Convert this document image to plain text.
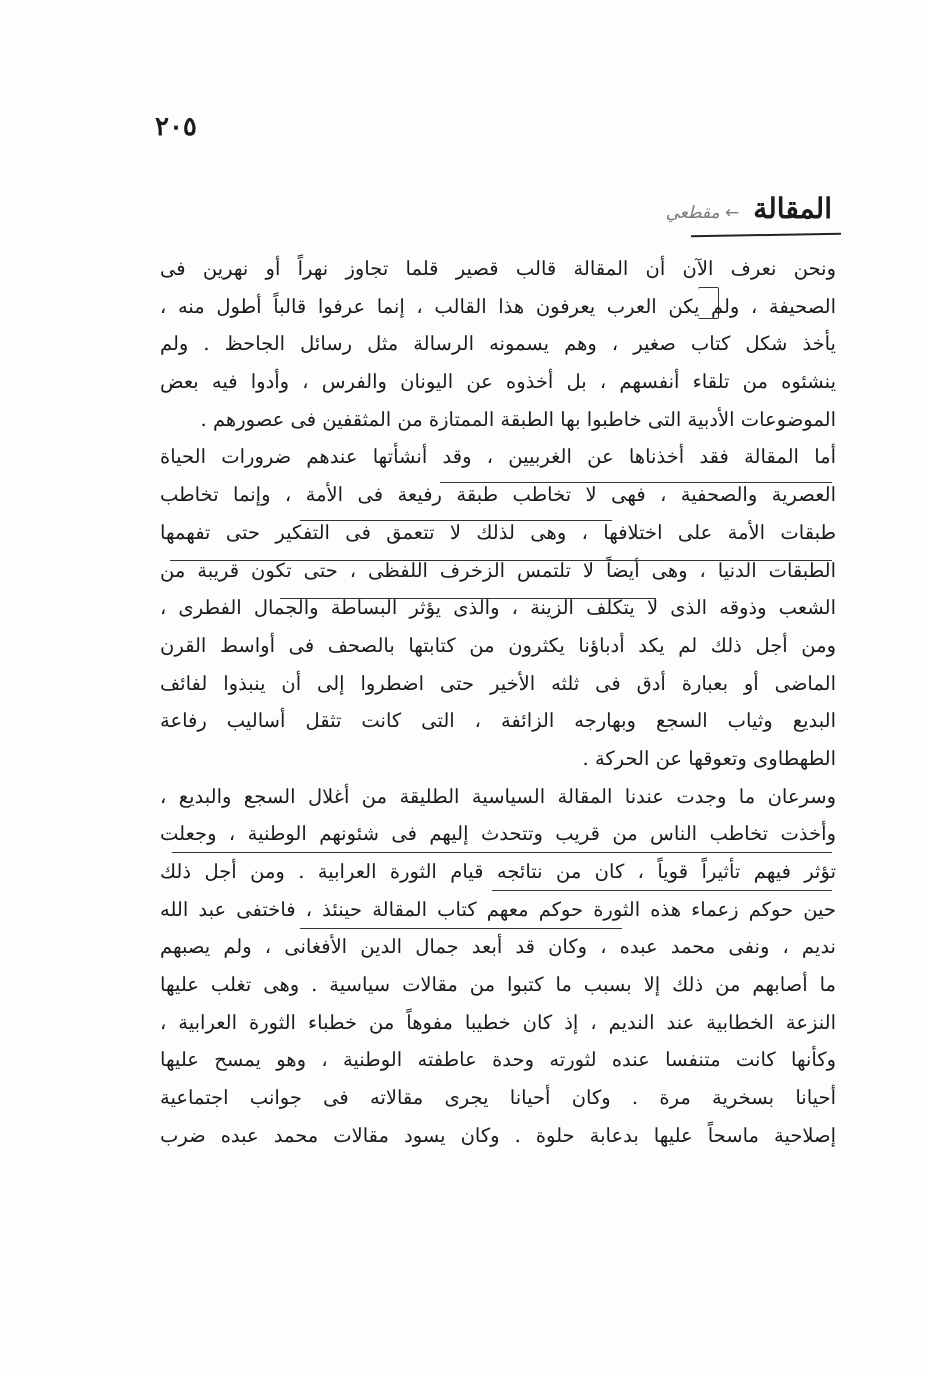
٢٠٥
المقالة
← مقطعي
ونحن نعرف الآن أن المقالة قالب قصير قلما تجاوز نهراً أو نهرين فى
الصحيفة ، ولم يكن العرب يعرفون هذا القالب ، إنما عرفوا قالباً أطول منه ،
يأخذ شكل كتاب صغير ، وهم يسمونه الرسالة مثل رسائل الجاحظ . ولم
ينشئوه من تلقاء أنفسهم ، بل أخذوه عن اليونان والفرس ، وأدوا فيه بعض
الموضوعات الأدبية التى خاطبوا بها الطبقة الممتازة من المثقفين فى عصورهم .
أما المقالة فقد أخذناها عن الغربيين ، وقد أنشأتها عندهم ضرورات الحياة
العصرية والصحفية ، فهى لا تخاطب طبقة رفيعة فى الأمة ، وإنما تخاطب
طبقات الأمة على اختلافها ، وهى لذلك لا تتعمق فى التفكير حتى تفهمها
الطبقات الدنيا ، وهى أيضاً لا تلتمس الزخرف اللفظى ، حتى تكون قريبة من
الشعب وذوقه الذى لا يتكلف الزينة ، والذى يؤثر البساطة والجمال الفطرى ،
ومن أجل ذلك لم يكد أدباؤنا يكثرون من كتابتها بالصحف فى أواسط القرن
الماضى أو بعبارة أدق فى ثلثه الأخير حتى اضطروا إلى أن ينبذوا لفائف
البديع وثياب السجع وبهارجه الزائفة ، التى كانت تثقل أساليب رفاعة
الطهطاوى وتعوقها عن الحركة .
وسرعان ما وجدت عندنا المقالة السياسية الطليقة من أغلال السجع والبديع ،
وأخذت تخاطب الناس من قريب وتتحدث إليهم فى شئونهم الوطنية ، وجعلت
تؤثر فيهم تأثيراً قوياً ، كان من نتائجه قيام الثورة العرابية . ومن أجل ذلك
حين حوكم زعماء هذه الثورة حوكم معهم كتاب المقالة حينئذ ، فاختفى عبد الله
نديم ، ونفى محمد عبده ، وكان قد أبعد جمال الدين الأفغانى ، ولم يصبهم
ما أصابهم من ذلك إلا بسبب ما كتبوا من مقالات سياسية . وهى تغلب عليها
النزعة الخطابية عند النديم ، إذ كان خطيبا مفوهاً من خطباء الثورة العرابية ،
وكأنها كانت متنفسا عنده لثورته وحدة عاطفته الوطنية ، وهو يمسح عليها
أحيانا بسخرية مرة . وكان أحيانا يجرى مقالاته فى جوانب اجتماعية
إصلاحية ماسحاً عليها بدعابة حلوة . وكان يسود مقالات محمد عبده ضرب
